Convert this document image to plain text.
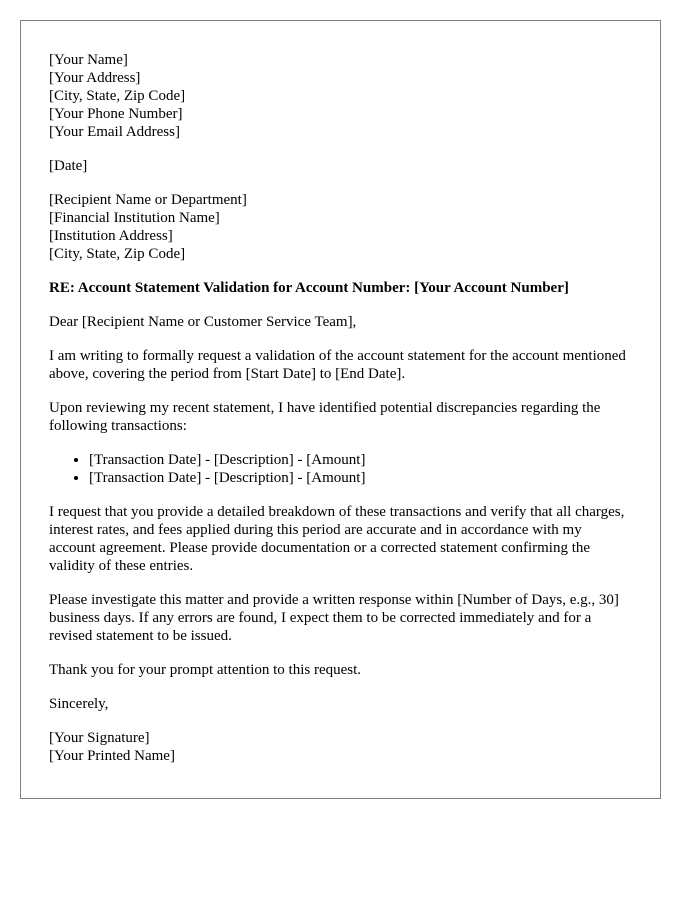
[Your Name]
[Your Address]
[City, State, Zip Code]
[Your Phone Number]
[Your Email Address]
[Date]
[Recipient Name or Department]
[Financial Institution Name]
[Institution Address]
[City, State, Zip Code]
RE: Account Statement Validation for Account Number: [Your Account Number]

Dear [Recipient Name or Customer Service Team],

I am writing to formally request a validation of the account statement for the account mentioned above, covering the period from [Start Date] to [End Date].

Upon reviewing my recent statement, I have identified potential discrepancies regarding the following transactions:

• [Transaction Date] - [Description] - [Amount]
• [Transaction Date] - [Description] - [Amount]

I request that you provide a detailed breakdown of these transactions and verify that all charges, interest rates, and fees applied during this period are accurate and in accordance with my account agreement. Please provide documentation or a corrected statement confirming the validity of these entries.

Please investigate this matter and provide a written response within [Number of Days, e.g., 30] business days. If any errors are found, I expect them to be corrected immediately and for a revised statement to be issued.

Thank you for your prompt attention to this request.

Sincerely,

[Your Signature]
[Your Printed Name]
